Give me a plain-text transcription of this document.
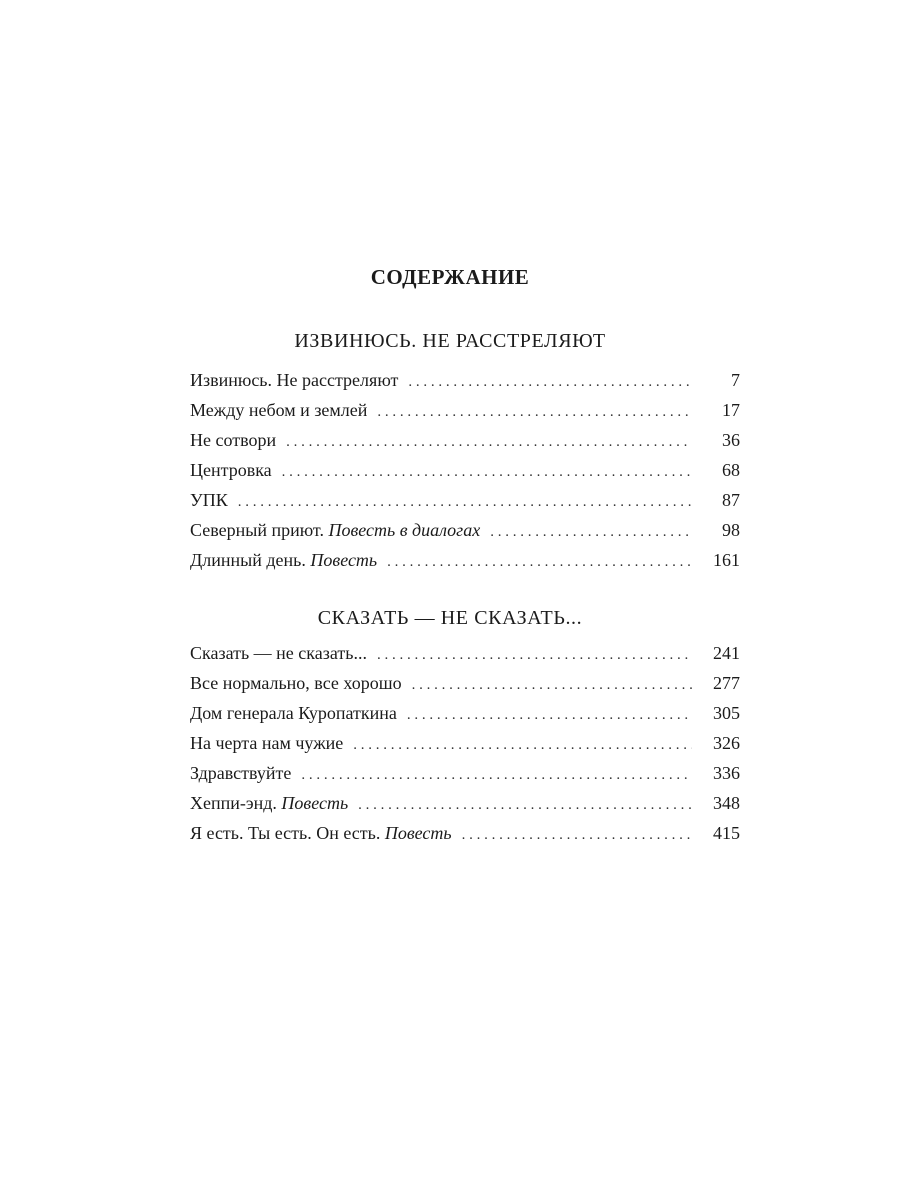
СОДЕРЖАНИЕ
ИЗВИНЮСЬ. НЕ РАССТРЕЛЯЮТ
Извинюсь. Не расстреляют . . .	7
Между небом и землей . . .	17
Не сотвори . . .	36
Центровка . . .	68
УПК . . .	87
Северный приют. Повесть в диалогах . . .	98
Длинный день. Повесть . . .	161
СКАЗАТЬ — НЕ СКАЗАТЬ...
Сказать — не сказать... . . .	241
Все нормально, все хорошо . . .	277
Дом генерала Куропаткина . . .	305
На черта нам чужие . . .	326
Здравствуйте . . .	336
Хеппи-энд. Повесть . . .	348
Я есть. Ты есть. Он есть. Повесть . . .	415
